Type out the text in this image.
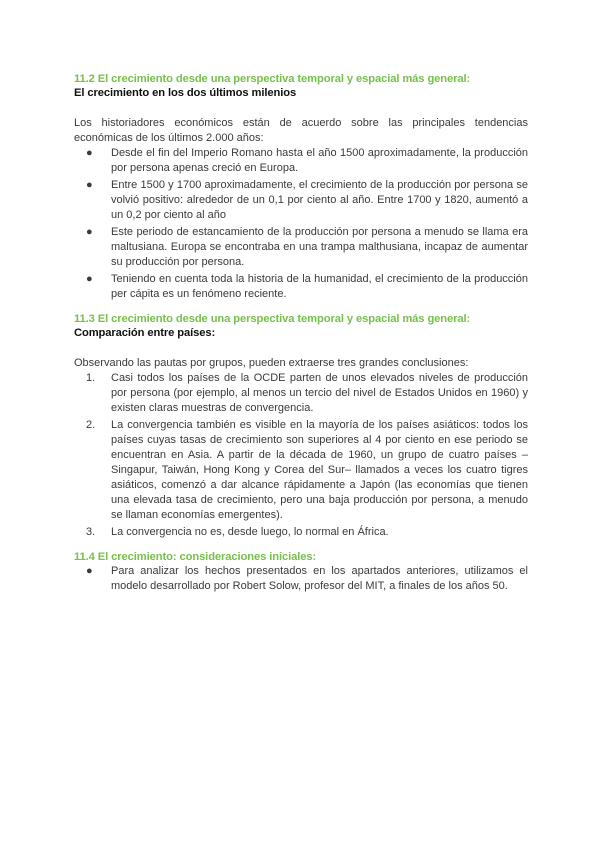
11.2 El crecimiento desde una perspectiva temporal y espacial más general:
El crecimiento en los dos últimos milenios

Los historiadores económicos están de acuerdo sobre las principales tendencias económicas de los últimos 2.000 años:

● Desde el fin del Imperio Romano hasta el año 1500 aproximadamente, la producción por persona apenas creció en Europa.
● Entre 1500 y 1700 aproximadamente, el crecimiento de la producción por persona se volvió positivo: alrededor de un 0,1 por ciento al año. Entre 1700 y 1820, aumentó a un 0,2 por ciento al año
● Este periodo de estancamiento de la producción por persona a menudo se llama era maltusiana. Europa se encontraba en una trampa malthusiana, incapaz de aumentar su producción por persona.
● Teniendo en cuenta toda la historia de la humanidad, el crecimiento de la producción per cápita es un fenómeno reciente.
11.3 El crecimiento desde una perspectiva temporal y espacial más general:
Comparación entre países:

Observando las pautas por grupos, pueden extraerse tres grandes conclusiones:

1. Casi todos los países de la OCDE parten de unos elevados niveles de producción por persona (por ejemplo, al menos un tercio del nivel de Estados Unidos en 1960) y existen claras muestras de convergencia.
2. La convergencia también es visible en la mayoría de los países asiáticos: todos los países cuyas tasas de crecimiento son superiores al 4 por ciento en ese periodo se encuentran en Asia. A partir de la década de 1960, un grupo de cuatro países –Singapur, Taiwán, Hong Kong y Corea del Sur– llamados a veces los cuatro tigres asiáticos, comenzó a dar alcance rápidamente a Japón (las economías que tienen una elevada tasa de crecimiento, pero una baja producción por persona, a menudo se llaman economías emergentes).
3. La convergencia no es, desde luego, lo normal en África.
11.4 El crecimiento: consideraciones iniciales:
● Para analizar los hechos presentados en los apartados anteriores, utilizamos el modelo desarrollado por Robert Solow, profesor del MIT, a finales de los años 50.
